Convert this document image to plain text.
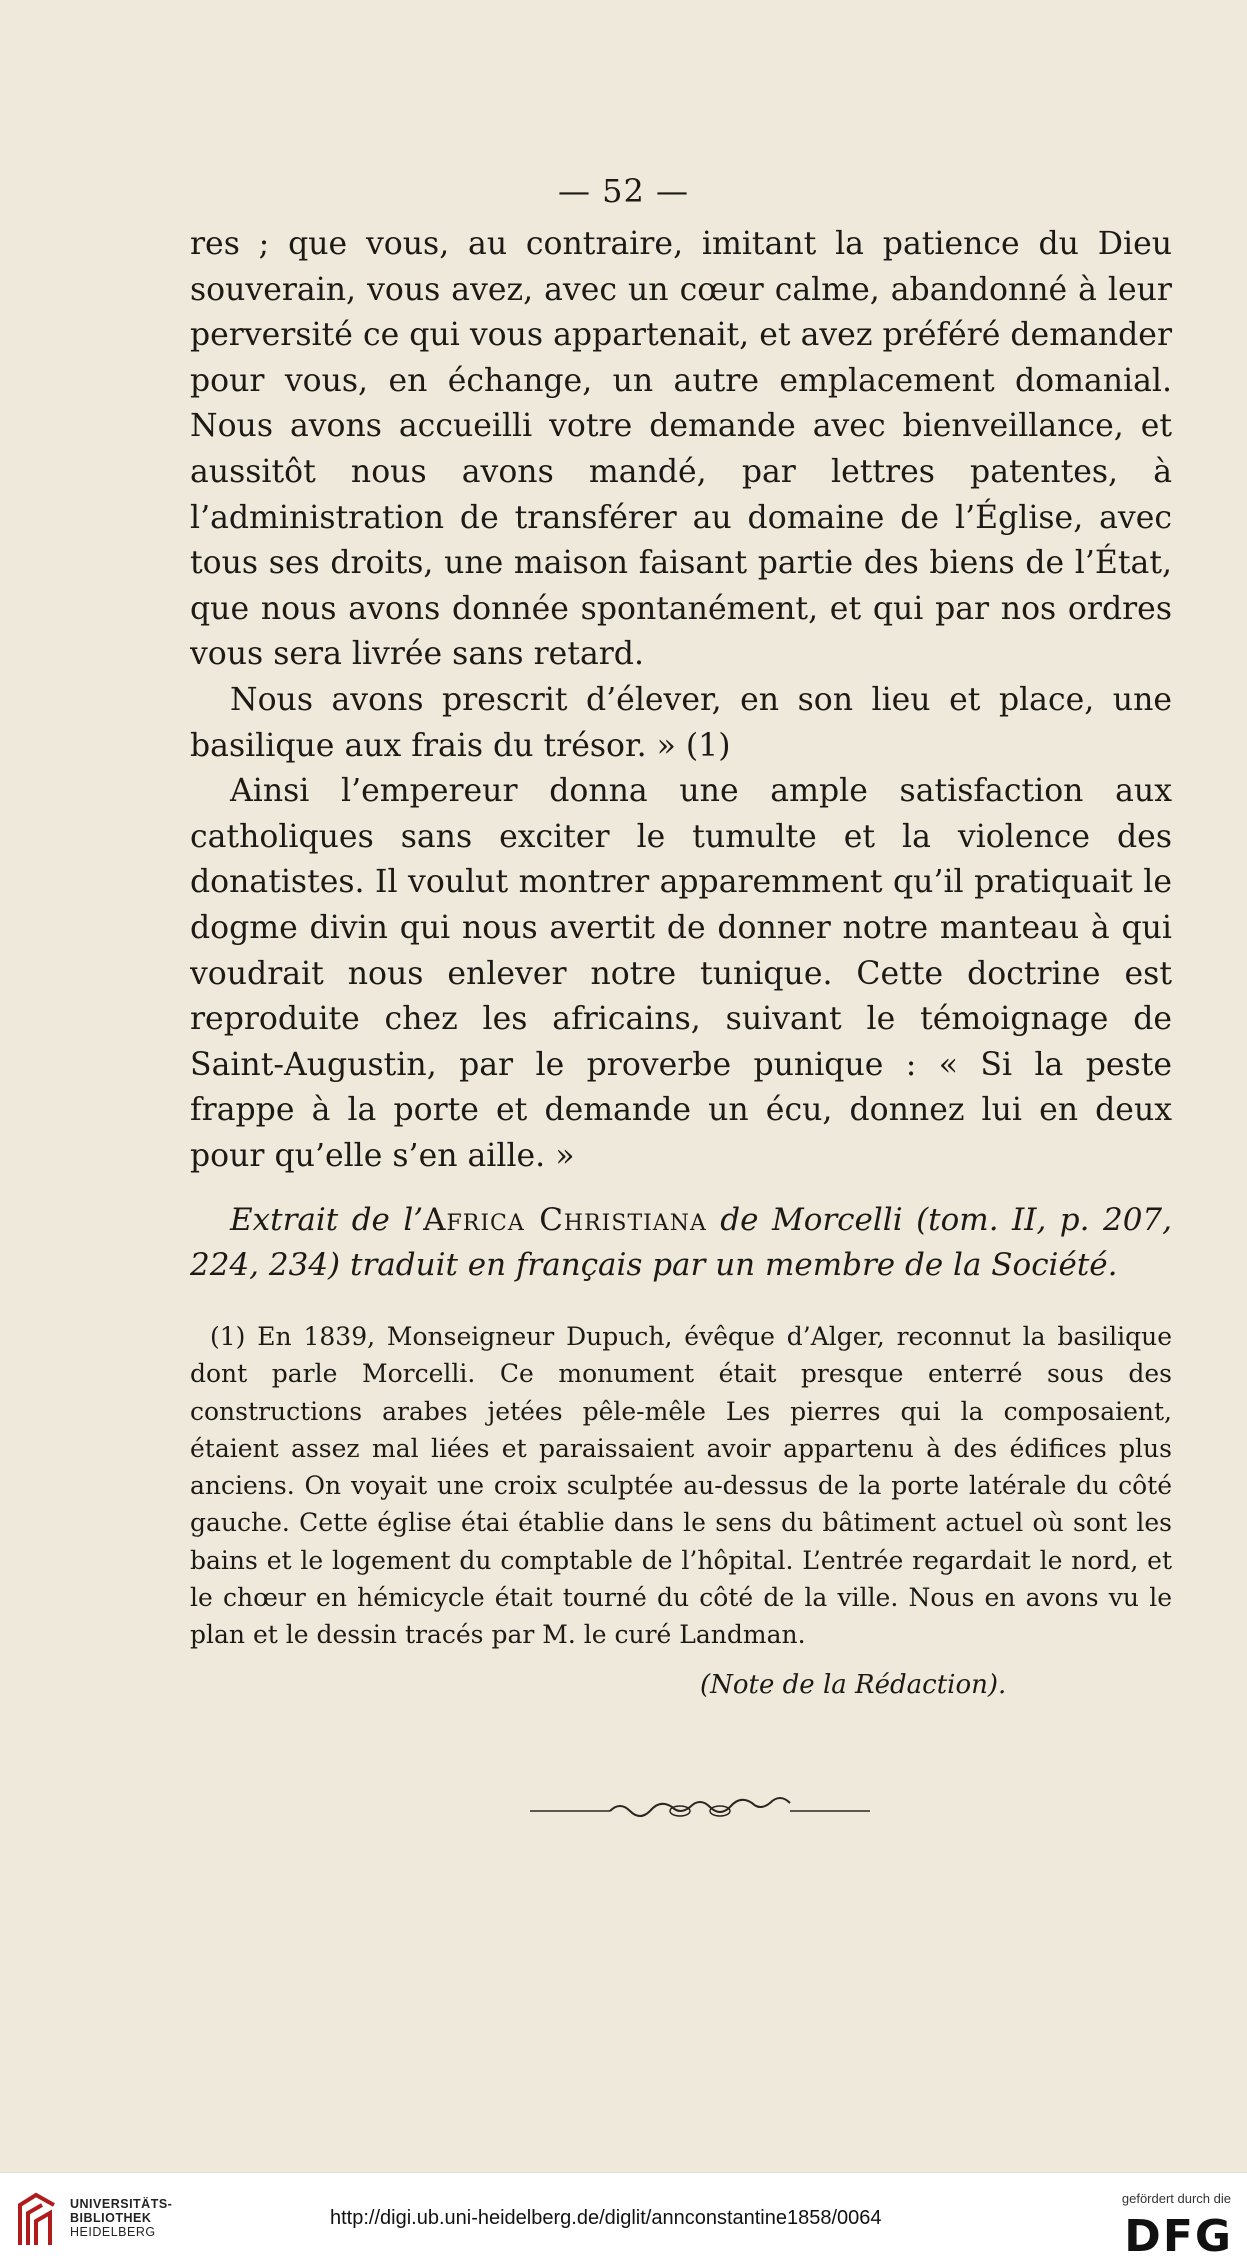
— 52 —

res ; que vous, au contraire, imitant la patience du Dieu souverain, vous avez, avec un cœur calme, abandonné à leur perversité ce qui vous appartenait, et avez préféré demander pour vous, en échange, un autre emplacement domanial. Nous avons accueilli votre demande avec bienveillance, et aussitôt nous avons mandé, par lettres patentes, à l’administration de transférer au domaine de l’Église, avec tous ses droits, une maison faisant partie des biens de l’État, que nous avons donnée spontanément, et qui par nos ordres vous sera livrée sans retard.

Nous avons prescrit d’élever, en son lieu et place, une basilique aux frais du trésor. » (1)

Ainsi l’empereur donna une ample satisfaction aux catholiques sans exciter le tumulte et la violence des donatistes. Il voulut montrer apparemment qu’il pratiquait le dogme divin qui nous avertit de donner notre manteau à qui voudrait nous enlever notre tunique. Cette doctrine est reproduite chez les africains, suivant le témoignage de Saint-Augustin, par le proverbe punique : « Si la peste frappe à la porte et demande un écu, donnez lui en deux pour qu’elle s’en aille. »

Extrait de l’Africa Christiana de Morcelli (tom. II, p. 207, 224, 234) traduit en français par un membre de la Société.

(1) En 1839, Monseigneur Dupuch, évêque d’Alger, reconnut la basilique dont parle Morcelli. Ce monument était presque enterré sous des constructions arabes jetées pêle-mêle Les pierres qui la composaient, étaient assez mal liées et paraissaient avoir appartenu à des édifices plus anciens. On voyait une croix sculptée au-dessus de la porte latérale du côté gauche. Cette église étai établie dans le sens du bâtiment actuel où sont les bains et le logement du comptable de l’hôpital. L’entrée regardait le nord, et le chœur en hémicycle était tourné du côté de la ville. Nous en avons vu le plan et le dessin tracés par M. le curé Landman.

(Note de la Rédaction).
UNIVERSITÄTS-
BIBLIOTHEK
HEIDELBERG
http://digi.ub.uni-heidelberg.de/diglit/annconstantine1858/0064
gefördert durch die
DFG
